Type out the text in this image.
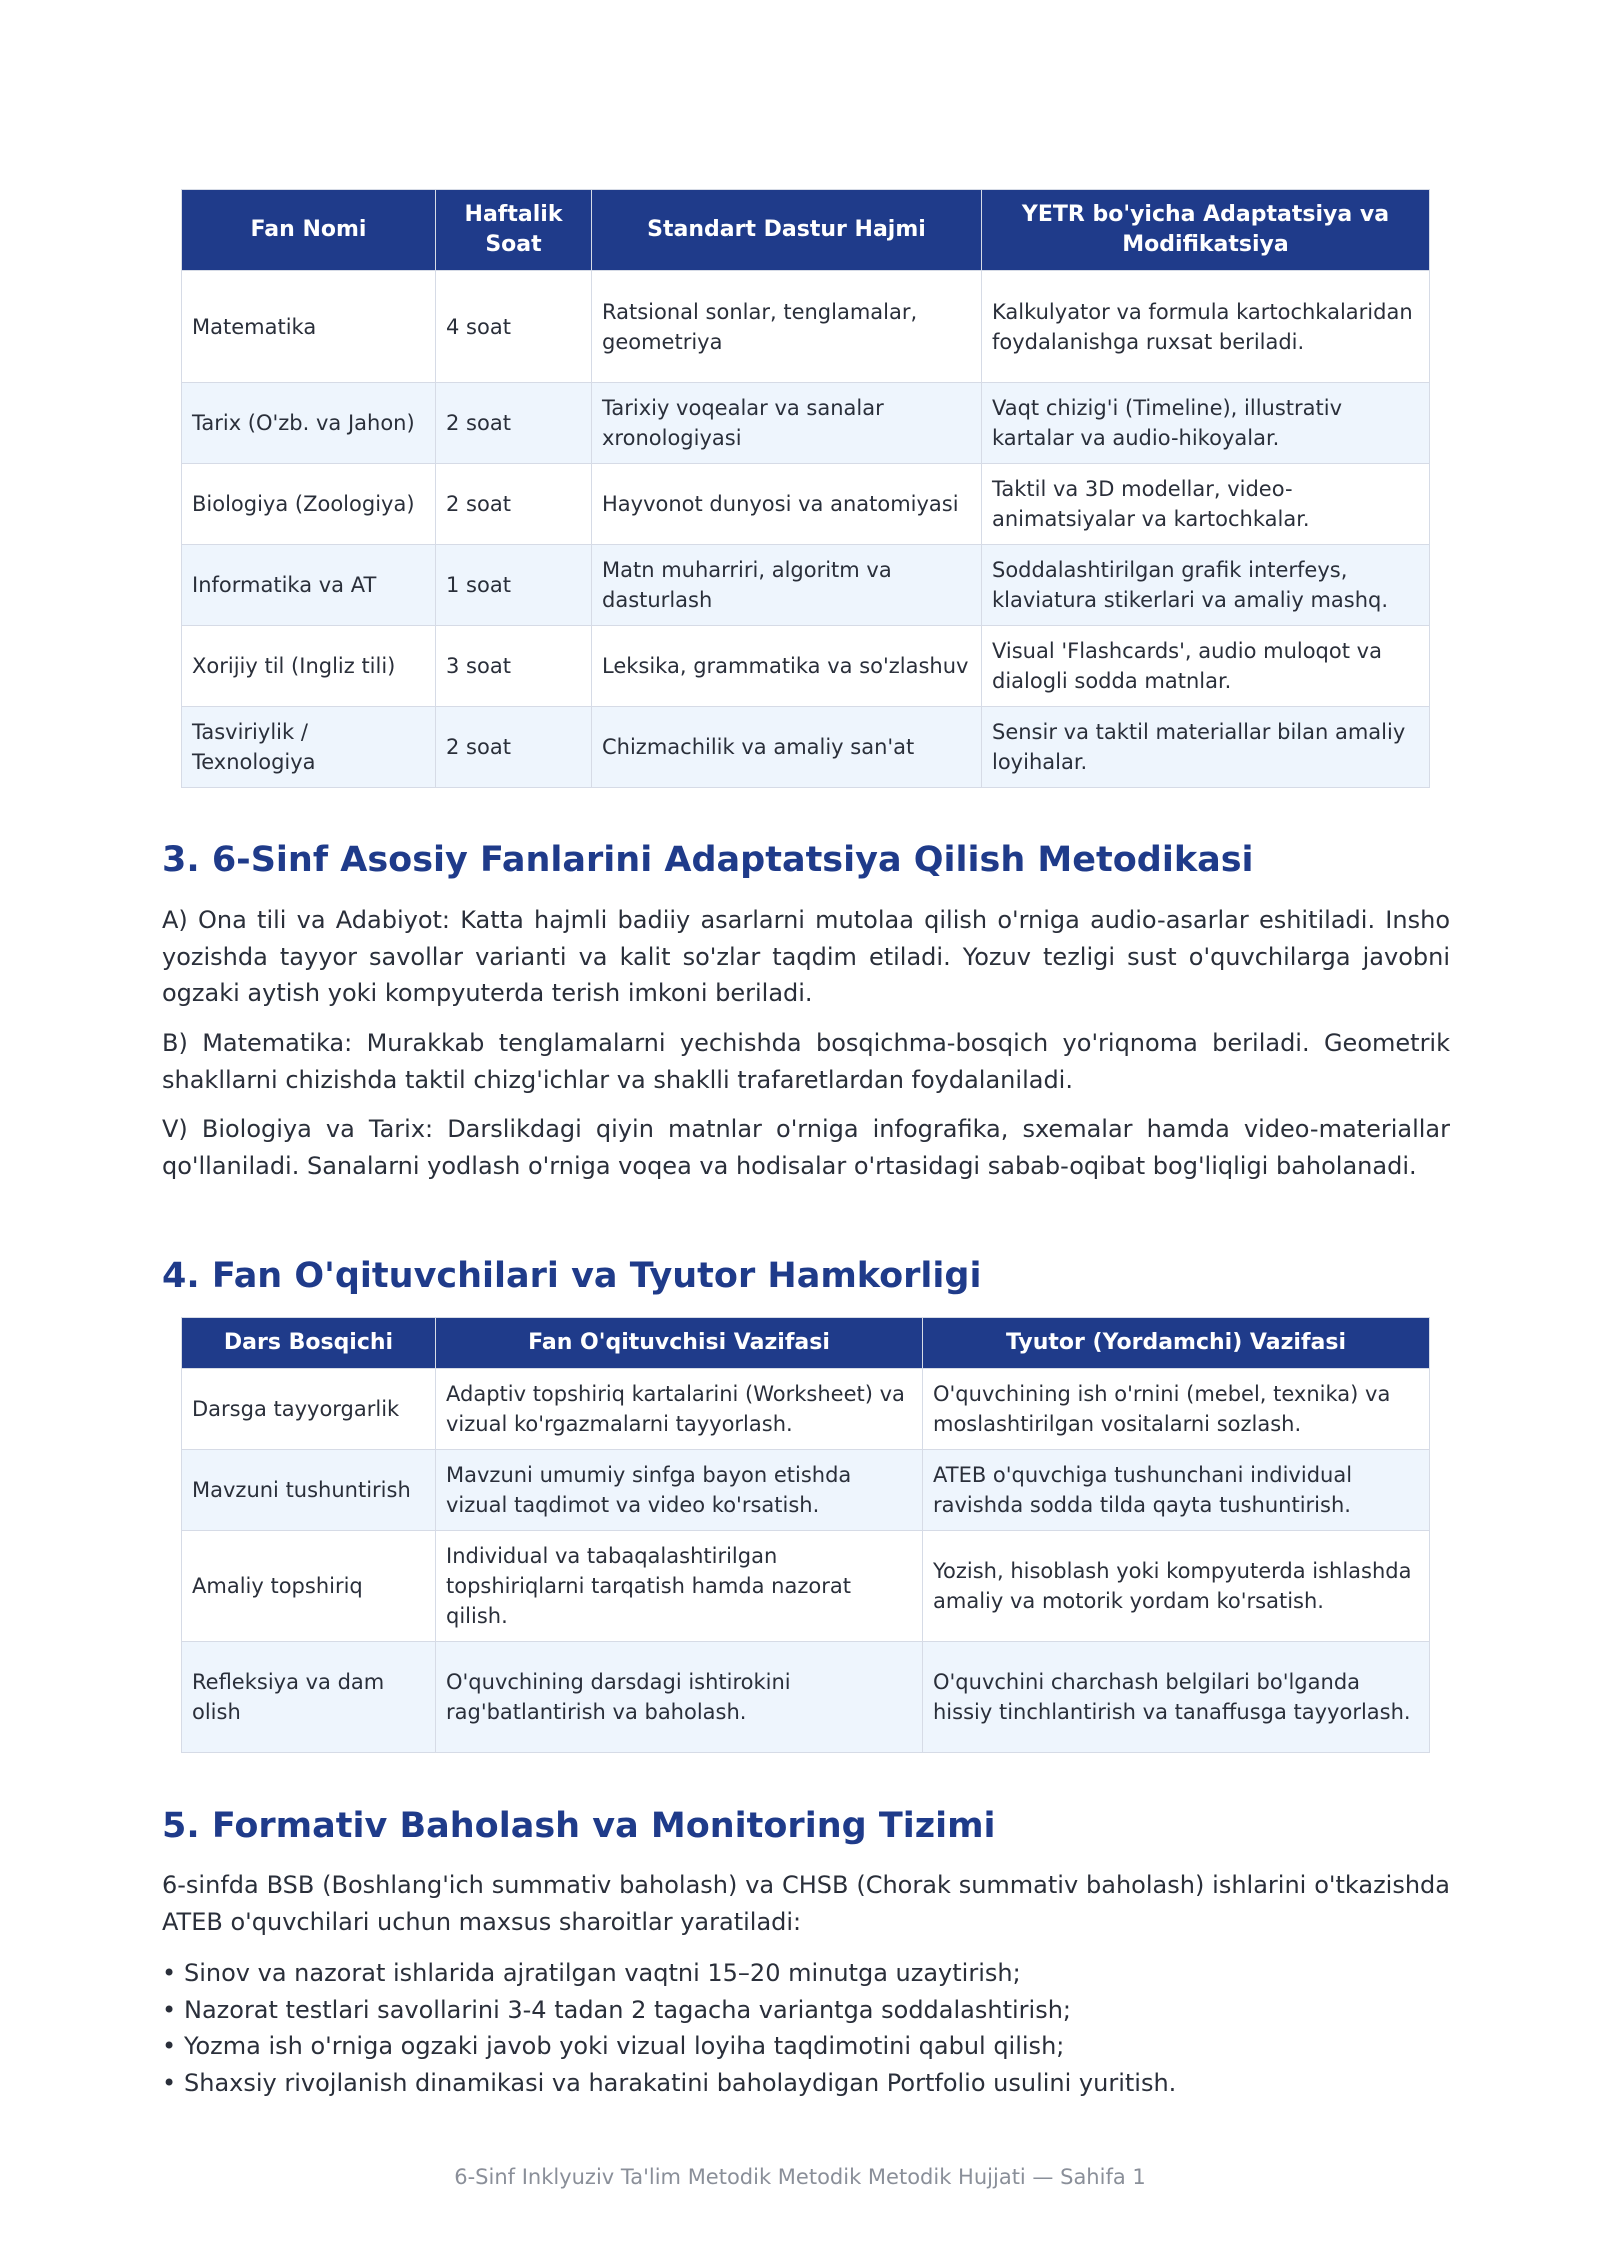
Fan Nomi	Haftalik Soat	Standart Dastur Hajmi	YETR bo'yicha Adaptatsiya va Modifikatsiya
Matematika	4 soat	Ratsional sonlar, tenglamalar, geometriya	Kalkulyator va formula kartochkalaridan foydalanishga ruxsat beriladi.
Tarix (O'zb. va Jahon)	2 soat	Tarixiy voqealar va sanalar xronologiyasi	Vaqt chizig'i (Timeline), illustrativ kartalar va audio-hikoyalar.
Biologiya (Zoologiya)	2 soat	Hayvonot dunyosi va anatomiyasi	Taktil va 3D modellar, video-animatsiyalar va kartochkalar.
Informatika va AT	1 soat	Matn muharriri, algoritm va dasturlash	Soddalashtirilgan grafik interfeys, klaviatura stikerlari va amaliy mashq.
Xorijiy til (Ingliz tili)	3 soat	Leksika, grammatika va so'zlashuv	Visual 'Flashcards', audio muloqot va dialogli sodda matnlar.
Tasviriylik / Texnologiya	2 soat	Chizmachilik va amaliy san'at	Sensir va taktil materiallar bilan amaliy loyihalar.
3. 6-Sinf Asosiy Fanlarini Adaptatsiya Qilish Metodikasi

A) Ona tili va Adabiyot: Katta hajmli badiiy asarlarni mutolaa qilish o'rniga audio-asarlar eshitiladi. Insho yozishda tayyor savollar varianti va kalit so'zlar taqdim etiladi. Yozuv tezligi sust o'quvchilarga javobni ogzaki aytish yoki kompyuterda terish imkoni beriladi.

B) Matematika: Murakkab tenglamalarni yechishda bosqichma-bosqich yo'riqnoma beriladi. Geometrik shakllarni chizishda taktil chizg'ichlar va shaklli trafaretlardan foydalaniladi.

V) Biologiya va Tarix: Darslikdagi qiyin matnlar o'rniga infografika, sxemalar hamda video-materiallar qo'llaniladi. Sanalarni yodlash o'rniga voqea va hodisalar o'rtasidagi sabab-oqibat bog'liqligi baholanadi.

4. Fan O'qituvchilari va Tyutor Hamkorligi
Dars Bosqichi	Fan O'qituvchisi Vazifasi	Tyutor (Yordamchi) Vazifasi
Darsga tayyorgarlik	Adaptiv topshiriq kartalarini (Worksheet) va vizual ko'rgazmalarni tayyorlash.	O'quvchining ish o'rnini (mebel, texnika) va moslashtirilgan vositalarni sozlash.
Mavzuni tushuntirish	Mavzuni umumiy sinfga bayon etishda vizual taqdimot va video ko'rsatish.	ATEB o'quvchiga tushunchani individual ravishda sodda tilda qayta tushuntirish.
Amaliy topshiriq	Individual va tabaqalashtirilgan topshiriqlarni tarqatish hamda nazorat qilish.	Yozish, hisoblash yoki kompyuterda ishlashda amaliy va motorik yordam ko'rsatish.
Refleksiya va dam olish	O'quvchining darsdagi ishtirokini rag'batlantirish va baholash.	O'quvchini charchash belgilari bo'lganda hissiy tinchlantirish va tanaffusga tayyorlash.
5. Formativ Baholash va Monitoring Tizimi

6-sinfda BSB (Boshlang'ich summativ baholash) va CHSB (Chorak summativ baholash) ishlarini o'tkazishda ATEB o'quvchilari uchun maxsus sharoitlar yaratiladi:

• Sinov va nazorat ishlarida ajratilgan vaqtni 15–20 minutga uzaytirish;
• Nazorat testlari savollarini 3-4 tadan 2 tagacha variantga soddalashtirish;
• Yozma ish o'rniga ogzaki javob yoki vizual loyiha taqdimotini qabul qilish;
• Shaxsiy rivojlanish dinamikasi va harakatini baholaydigan Portfolio usulini yuritish.
6-Sinf Inklyuziv Ta'lim Metodik Metodik Metodik Hujjati — Sahifa 1
